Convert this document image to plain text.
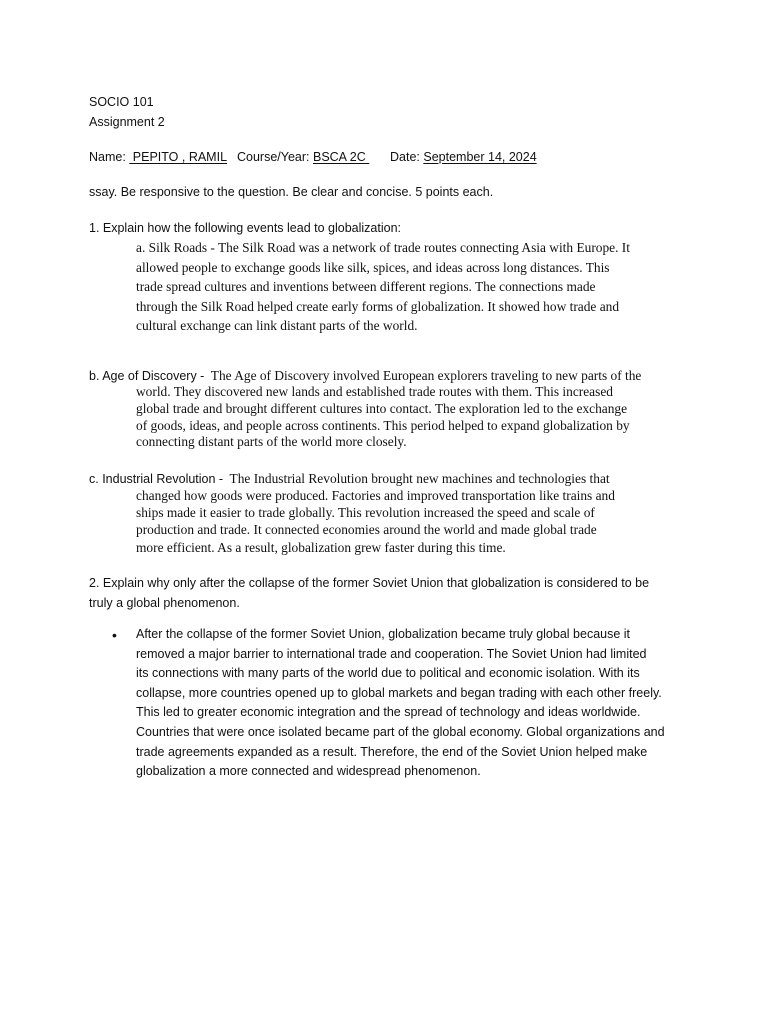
SOCIO 101
Assignment 2
Name:  PEPITO , RAMIL Course/Year: BSCA 2C Date: September 14, 2024
ssay. Be responsive to the question. Be clear and concise. 5 points each.
1. Explain how the following events lead to globalization:

a. Silk Roads - The Silk Road was a network of trade routes connecting Asia with Europe. It

allowed people to exchange goods like silk, spices, and ideas across long distances. This

trade spread cultures and inventions between different regions. The connections made

through the Silk Road helped create early forms of globalization. It showed how trade and

cultural exchange can link distant parts of the world.

b. Age of Discovery -  The Age of Discovery involved European explorers traveling to new parts of the

world. They discovered new lands and established trade routes with them. This increased

global trade and brought different cultures into contact. The exploration led to the exchange

of goods, ideas, and people across continents. This period helped to expand globalization by

connecting distant parts of the world more closely.

c. Industrial Revolution -  The Industrial Revolution brought new machines and technologies that

changed how goods were produced. Factories and improved transportation like trains and

ships made it easier to trade globally. This revolution increased the speed and scale of

production and trade. It connected economies around the world and made global trade

more efficient. As a result, globalization grew faster during this time.

2. Explain why only after the collapse of the former Soviet Union that globalization is considered to be

truly a global phenomenon.

• After the collapse of the former Soviet Union, globalization became truly global because it

removed a major barrier to international trade and cooperation. The Soviet Union had limited

its connections with many parts of the world due to political and economic isolation. With its

collapse, more countries opened up to global markets and began trading with each other freely.

This led to greater economic integration and the spread of technology and ideas worldwide.

Countries that were once isolated became part of the global economy. Global organizations and

trade agreements expanded as a result. Therefore, the end of the Soviet Union helped make

globalization a more connected and widespread phenomenon.
